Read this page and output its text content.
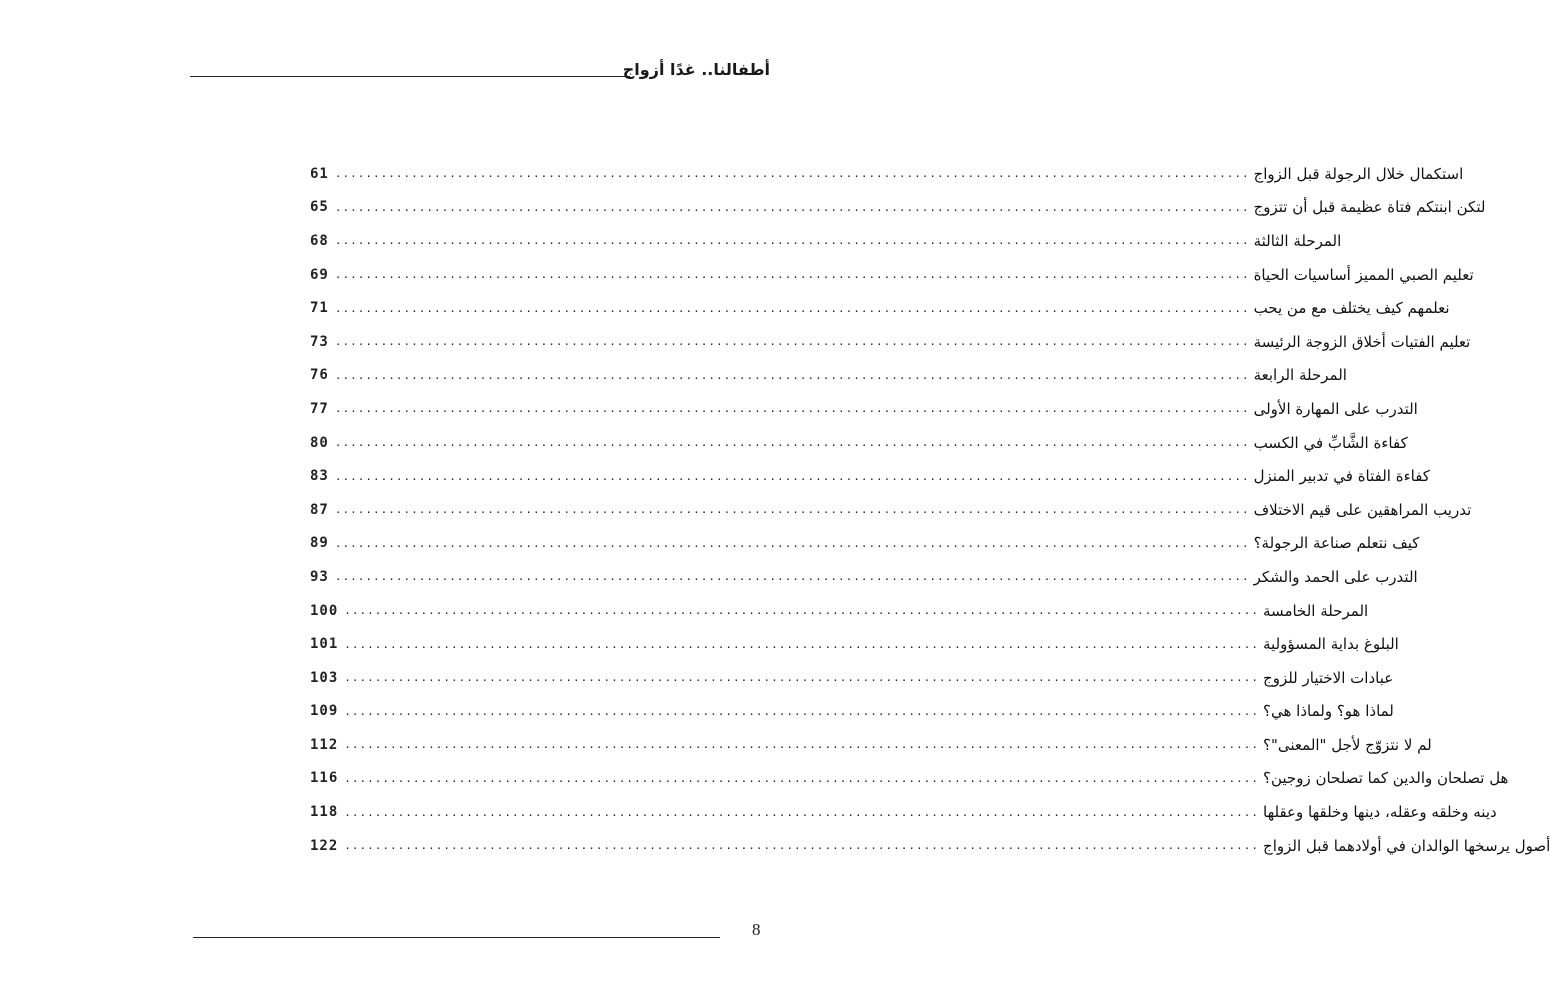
أطفالنا.. غدًا أزواج
61 ........................................................................................................................ استكمال خلال الرجولة قبل الزواج
65 ........................................................................................................................ لتكن ابنتكم فتاة عظيمة قبل أن تتزوج
68 ........................................................................................................................ المرحلة الثالثة
69 ........................................................................................................................ تعليم الصبي المميز أساسيات الحياة
71 ........................................................................................................................ نعلمهم كيف يختلف مع من يحب
73 ........................................................................................................................ تعليم الفتيات أخلاق الزوجة الرئيسة
76 ........................................................................................................................ المرحلة الرابعة
77 ........................................................................................................................ التدرب على المهارة الأولى
80 ........................................................................................................................ كفاءة الشَّابِّ في الكسب
83 ........................................................................................................................ كفاءة الفتاة في تدبير المنزل
87 ........................................................................................................................ تدريب المراهقين على قيم الاختلاف
89 ........................................................................................................................ كيف نتعلم صناعة الرجولة؟
93 ........................................................................................................................ التدرب على الحمد والشكر
100 ........................................................................................................................ المرحلة الخامسة
101 ........................................................................................................................ البلوغ بداية المسؤولية
103 ........................................................................................................................ عبادات الاختيار للزوج
109 ........................................................................................................................ لماذا هو؟ ولماذا هي؟
112 ........................................................................................................................ لم لا نتزوّج لأجل "المعنى"؟
116 ........................................................................................................................ هل تصلحان والدين كما تصلحان زوجين؟
118 ........................................................................................................................ دينه وخلقه وعقله، دينها وخلقها وعقلها
122 ........................................................................................................................ أصول يرسخها الوالدان في أولادهما قبل الزواج
8
